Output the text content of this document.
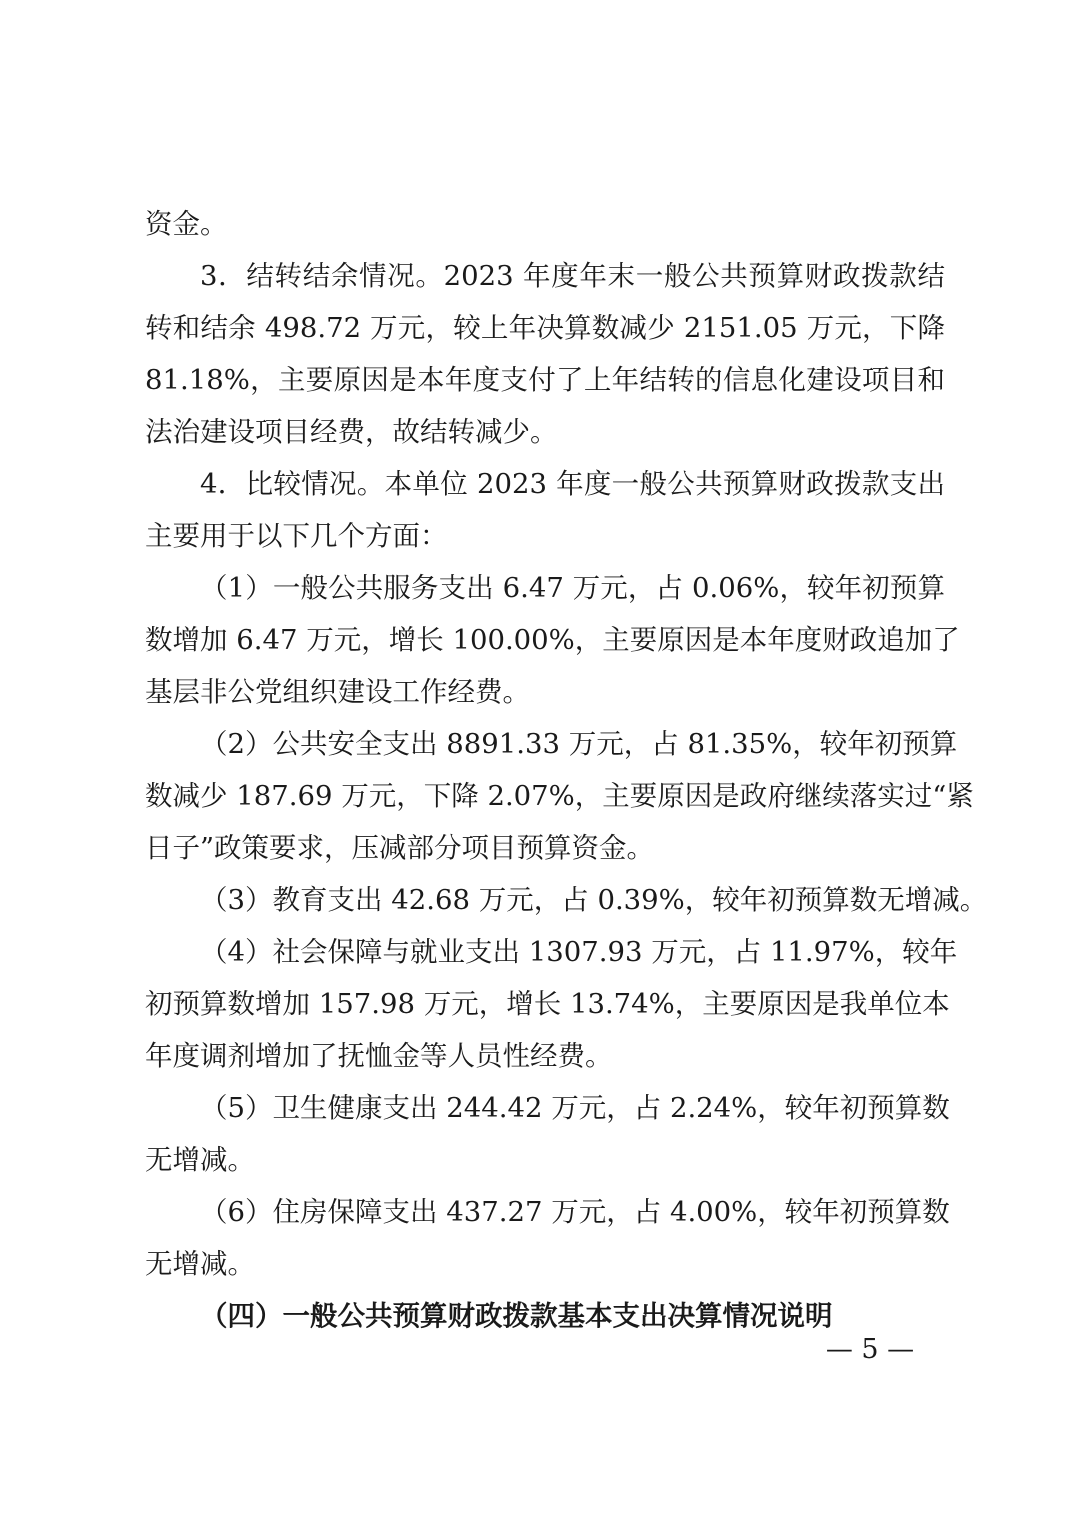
资金。
3．结转结余情况。2023 年度年末一般公共预算财政拨款结
转和结余 498.72 万元，较上年决算数减少 2151.05 万元，下降
81.18%，主要原因是本年度支付了上年结转的信息化建设项目和
法治建设项目经费，故结转减少。
4．比较情况。本单位 2023 年度一般公共预算财政拨款支出
主要用于以下几个方面：
（1）一般公共服务支出 6.47 万元，占 0.06%，较年初预算
数增加 6.47 万元，增长 100.00%，主要原因是本年度财政追加了
基层非公党组织建设工作经费。
（2）公共安全支出 8891.33 万元，占 81.35%，较年初预算
数减少 187.69 万元，下降 2.07%，主要原因是政府继续落实过“紧
日子”政策要求，压减部分项目预算资金。
（3）教育支出 42.68 万元，占 0.39%，较年初预算数无增减。
（4）社会保障与就业支出 1307.93 万元，占 11.97%，较年
初预算数增加 157.98 万元，增长 13.74%，主要原因是我单位本
年度调剂增加了抚恤金等人员性经费。
（5）卫生健康支出 244.42 万元，占 2.24%，较年初预算数
无增减。
（6）住房保障支出 437.27 万元，占 4.00%，较年初预算数
无增减。
（四）一般公共预算财政拨款基本支出决算情况说明
— 5 —
